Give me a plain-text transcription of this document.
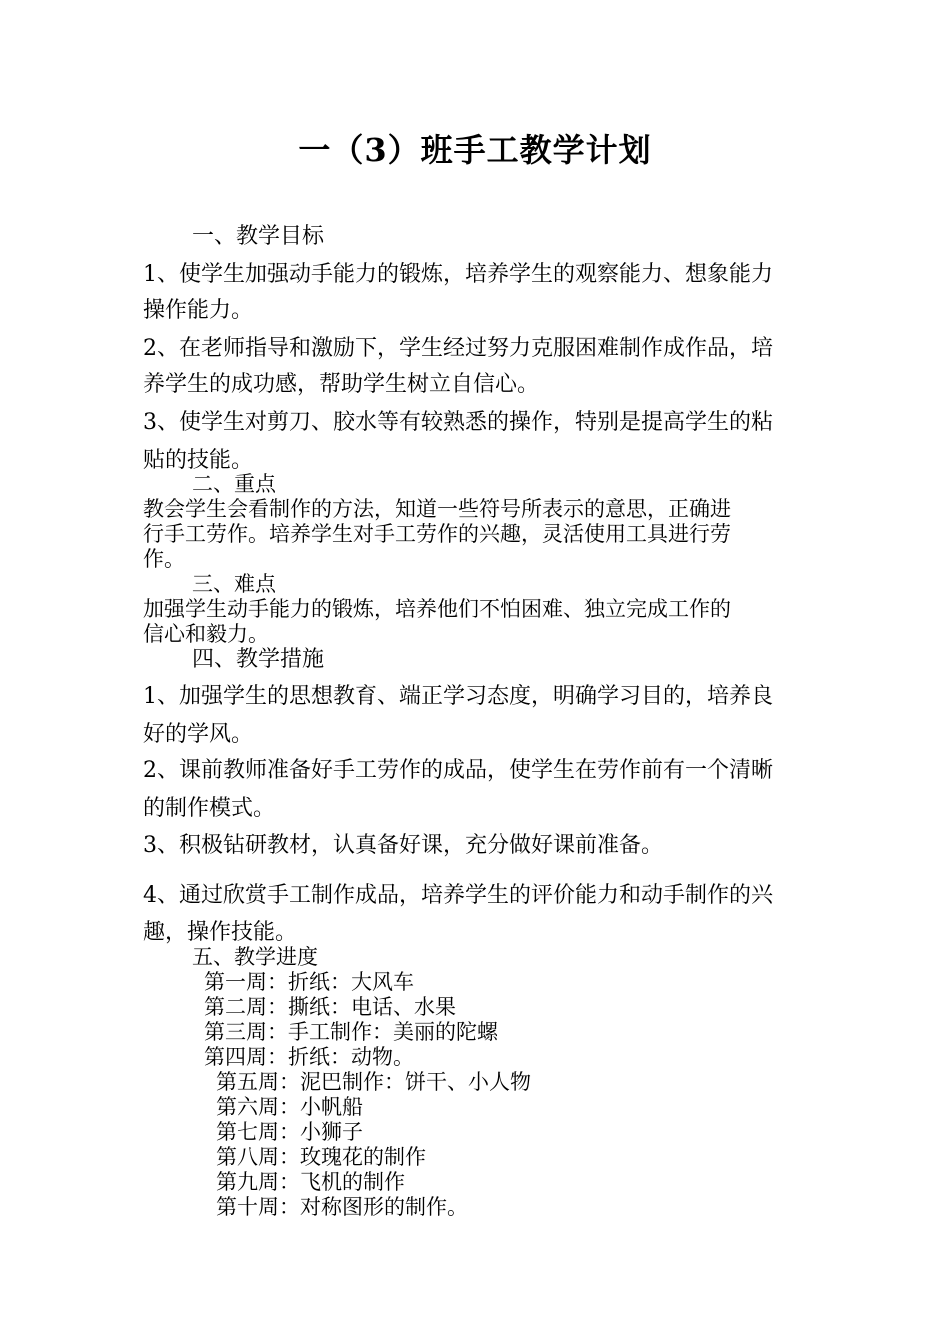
一（3）班手工教学计划
一、教学目标
1、使学生加强动手能力的锻炼，培养学生的观察能力、想象能力
操作能力。
2、在老师指导和激励下，学生经过努力克服困难制作成作品，培
养学生的成功感，帮助学生树立自信心。
3、使学生对剪刀、胶水等有较熟悉的操作，特别是提高学生的粘
贴的技能。
二、重点
教会学生会看制作的方法，知道一些符号所表示的意思，正确进
行手工劳作。培养学生对手工劳作的兴趣，灵活使用工具进行劳
作。
三、难点
加强学生动手能力的锻炼，培养他们不怕困难、独立完成工作的
信心和毅力。
四、教学措施
1、加强学生的思想教育、端正学习态度，明确学习目的，培养良
好的学风。
2、课前教师准备好手工劳作的成品，使学生在劳作前有一个清晰
的制作模式。
3、积极钻研教材，认真备好课，充分做好课前准备。
4、通过欣赏手工制作成品，培养学生的评价能力和动手制作的兴
趣，操作技能。
五、教学进度
第一周：折纸：大风车
第二周：撕纸：电话、水果
第三周：手工制作：美丽的陀螺
第四周：折纸：动物。
第五周：泥巴制作：饼干、小人物
第六周：小帆船
第七周：小狮子
第八周：玫瑰花的制作
第九周：飞机的制作
第十周：对称图形的制作。
